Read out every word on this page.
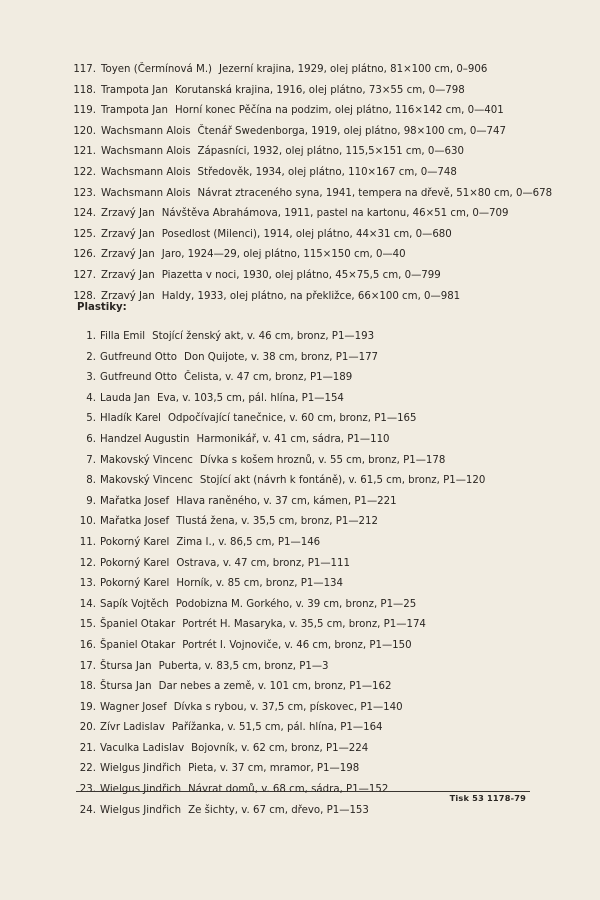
117. Toyen (Čermínová M.) Jezerní krajina, 1929, olej plátno, 81×100 cm, 0–906
118. Trampota Jan Korutanská krajina, 1916, olej plátno, 73×55 cm, 0—798
119. Trampota Jan Horní konec Pěčína na podzim, olej plátno, 116×142 cm, 0—401
120. Wachsmann Alois Čtenář Swedenborga, 1919, olej plátno, 98×100 cm, 0—747
121. Wachsmann Alois Zápasníci, 1932, olej plátno, 115,5×151 cm, 0—630
122. Wachsmann Alois Středověk, 1934, olej plátno, 110×167 cm, 0—748
123. Wachsmann Alois Návrat ztraceného syna, 1941, tempera na dřevě, 51×80 cm, 0—678
124. Zrzavý Jan Návštěva Abrahámova, 1911, pastel na kartonu, 46×51 cm, 0—709
125. Zrzavý Jan Posedlost (Milenci), 1914, olej plátno, 44×31 cm, 0—680
126. Zrzavý Jan Jaro, 1924—29, olej plátno, 115×150 cm, 0—40
127. Zrzavý Jan Piazetta v noci, 1930, olej plátno, 45×75,5 cm, 0—799
128. Zrzavý Jan Haldy, 1933, olej plátno, na překližce, 66×100 cm, 0—981
Plastiky:
1. Filla Emil Stojící ženský akt, v. 46 cm, bronz, P1—193
2. Gutfreund Otto Don Quijote, v. 38 cm, bronz, P1—177
3. Gutfreund Otto Čelista, v. 47 cm, bronz, P1—189
4. Lauda Jan Eva, v. 103,5 cm, pál. hlína, P1—154
5. Hladík Karel Odpočívající tanečnice, v. 60 cm, bronz, P1—165
6. Handzel Augustin Harmonikář, v. 41 cm, sádra, P1—110
7. Makovský Vincenc Dívka s košem hroznů, v. 55 cm, bronz, P1—178
8. Makovský Vincenc Stojící akt (návrh k fontáně), v. 61,5 cm, bronz, P1—120
9. Mařatka Josef Hlava raněného, v. 37 cm, kámen, P1—221
10. Mařatka Josef Tlustá žena, v. 35,5 cm, bronz, P1—212
11. Pokorný Karel Zima I., v. 86,5 cm, P1—146
12. Pokorný Karel Ostrava, v. 47 cm, bronz, P1—111
13. Pokorný Karel Horník, v. 85 cm, bronz, P1—134
14. Sapík Vojtěch Podobizna M. Gorkého, v. 39 cm, bronz, P1—25
15. Španiel Otakar Portrét H. Masaryka, v. 35,5 cm, bronz, P1—174
16. Španiel Otakar Portrét I. Vojnoviče, v. 46 cm, bronz, P1—150
17. Štursa Jan Puberta, v. 83,5 cm, bronz, P1—3
18. Štursa Jan Dar nebes a země, v. 101 cm, bronz, P1—162
19. Wagner Josef Dívka s rybou, v. 37,5 cm, pískovec, P1—140
20. Zívr Ladislav Pařížanka, v. 51,5 cm, pál. hlína, P1—164
21. Vaculka Ladislav Bojovník, v. 62 cm, bronz, P1—224
22. Wielgus Jindřich Pieta, v. 37 cm, mramor, P1—198
23. Wielgus Jindřich Návrat domů, v. 68 cm, sádra, P1—152
24. Wielgus Jindřich Ze šichty, v. 67 cm, dřevo, P1—153
Tisk 53 1178-79
